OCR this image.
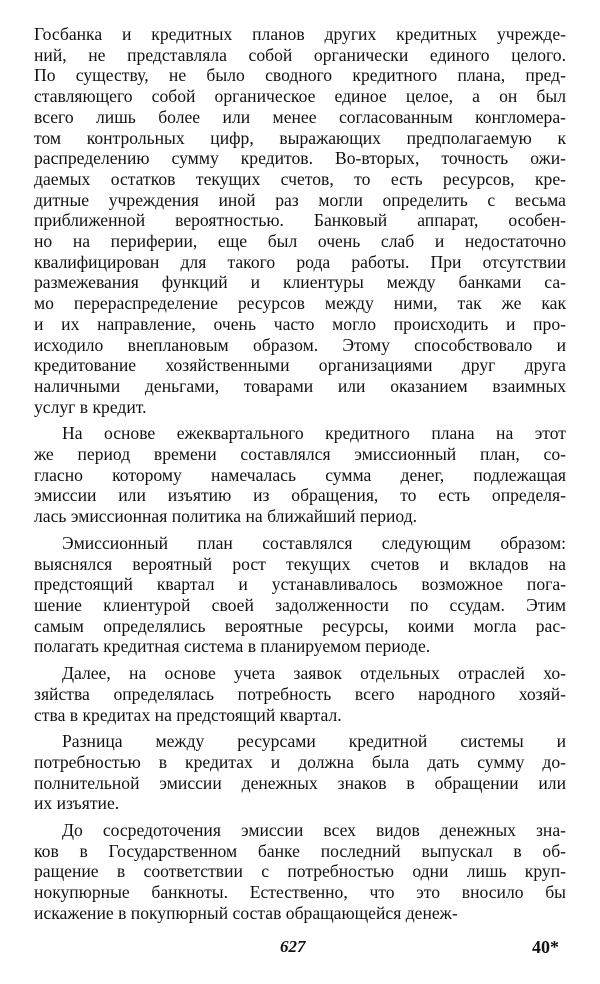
Госбанка и кредитных планов других кредитных учрежде-
ний, не представляла собой органически единого целого.
По существу, не было сводного кредитного плана, пред-
ставляющего собой органическое единое целое, а он был
всего лишь более или менее согласованным конгломера-
том контрольных цифр, выражающих предполагаемую к
распределению сумму кредитов. Во-вторых, точность ожи-
даемых остатков текущих счетов, то есть ресурсов, кре-
дитные учреждения иной раз могли определить с весьма
приближенной вероятностью. Банковый аппарат, особен-
но на периферии, еще был очень слаб и недостаточно
квалифицирован для такого рода работы. При отсутствии
размежевания функций и клиентуры между банками са-
мо перераспределение ресурсов между ними, так же как
и их направление, очень часто могло происходить и про-
исходило внеплановым образом. Этому способствовало и
кредитование хозяйственными организациями друг друга
наличными деньгами, товарами или оказанием взаимных
услуг в кредит.

На основе ежеквартального кредитного плана на этот
же период времени составлялся эмиссионный план, со-
гласно которому намечалась сумма денег, подлежащая
эмиссии или изъятию из обращения, то есть определя-
лась эмиссионная политика на ближайший период.

Эмиссионный план составлялся следующим образом:
выяснялся вероятный рост текущих счетов и вкладов на
предстоящий квартал и устанавливалось возможное пога-
шение клиентурой своей задолженности по ссудам. Этим
самым определялись вероятные ресурсы, коими могла рас-
полагать кредитная система в планируемом периоде.

Далее, на основе учета заявок отдельных отраслей хо-
зяйства определялась потребность всего народного хозяй-
ства в кредитах на предстоящий квартал.

Разница между ресурсами кредитной системы и
потребностью в кредитах и должна была дать сумму до-
полнительной эмиссии денежных знаков в обращении или
их изъятие.

До сосредоточения эмиссии всех видов денежных зна-
ков в Государственном банке последний выпускал в об-
ращение в соответствии с потребностью одни лишь круп-
нокупюрные банкноты. Естественно, что это вносило бы
искажение в покупюрный состав обращающейся денеж-

627	40*
